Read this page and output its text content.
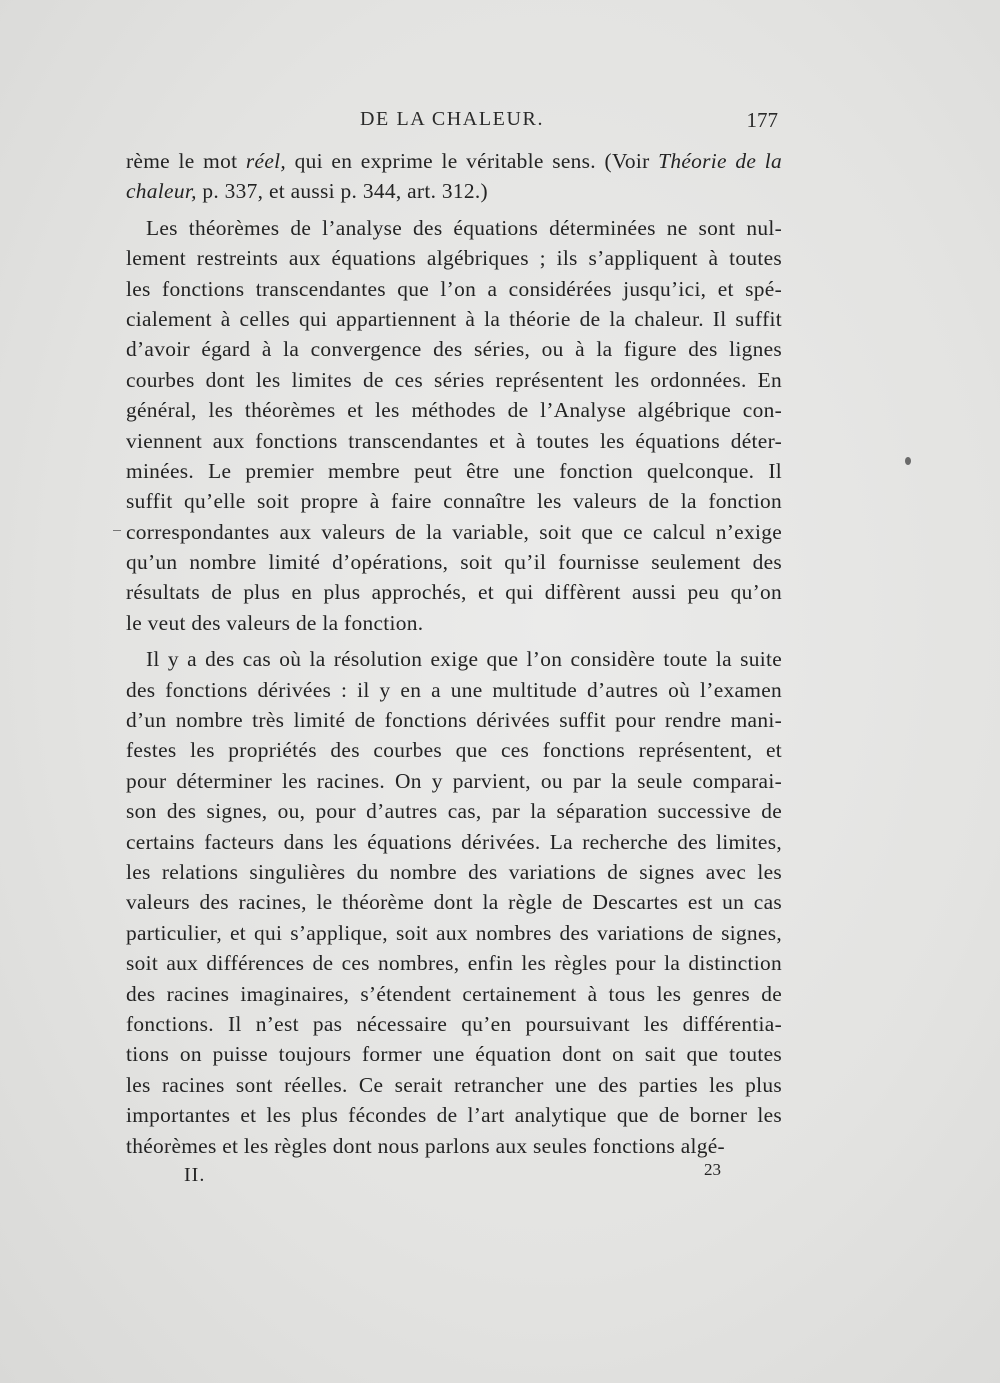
DE LA CHALEUR.	177
rème le mot réel, qui en exprime le véritable sens. (Voir Théorie de la
chaleur, p. 337, et aussi p. 344, art. 312.)
Les théorèmes de l’analyse des équations déterminées ne sont nul-
lement restreints aux équations algébriques ; ils s’appliquent à toutes
les fonctions transcendantes que l’on a considérées jusqu’ici, et spé-
cialement à celles qui appartiennent à la théorie de la chaleur. Il suffit
d’avoir égard à la convergence des séries, ou à la figure des lignes
courbes dont les limites de ces séries représentent les ordonnées. En
général, les théorèmes et les méthodes de l’Analyse algébrique con-
viennent aux fonctions transcendantes et à toutes les équations déter-
minées. Le premier membre peut être une fonction quelconque. Il
suffit qu’elle soit propre à faire connaître les valeurs de la fonction
correspondantes aux valeurs de la variable, soit que ce calcul n’exige
qu’un nombre limité d’opérations, soit qu’il fournisse seulement des
résultats de plus en plus approchés, et qui diffèrent aussi peu qu’on
le veut des valeurs de la fonction.
Il y a des cas où la résolution exige que l’on considère toute la suite
des fonctions dérivées : il y en a une multitude d’autres où l’examen
d’un nombre très limité de fonctions dérivées suffit pour rendre mani-
festes les propriétés des courbes que ces fonctions représentent, et
pour déterminer les racines. On y parvient, ou par la seule comparai-
son des signes, ou, pour d’autres cas, par la séparation successive de
certains facteurs dans les équations dérivées. La recherche des limites,
les relations singulières du nombre des variations de signes avec les
valeurs des racines, le théorème dont la règle de Descartes est un cas
particulier, et qui s’applique, soit aux nombres des variations de signes,
soit aux différences de ces nombres, enfin les règles pour la distinction
des racines imaginaires, s’étendent certainement à tous les genres de
fonctions. Il n’est pas nécessaire qu’en poursuivant les différentia-
tions on puisse toujours former une équation dont on sait que toutes
les racines sont réelles. Ce serait retrancher une des parties les plus
importantes et les plus fécondes de l’art analytique que de borner les
théorèmes et les règles dont nous parlons aux seules fonctions algé-
II.	23
